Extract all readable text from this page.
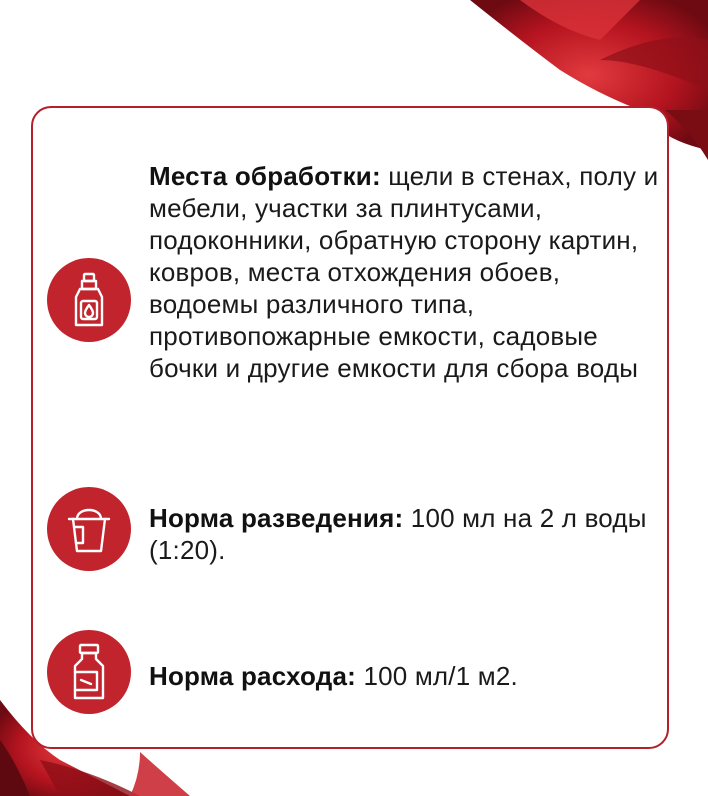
Места обработки: щели в стенах, полу и мебели, участки за плинтусами, подоконники, обратную сторону картин, ковров, места отхождения обоев, водоемы различного типа, противопожарные емкости, садовые бочки и другие емкости для сбора воды
Норма разведения: 100 мл на 2 л воды (1:20).
Норма расхода: 100 мл/1 м2.
